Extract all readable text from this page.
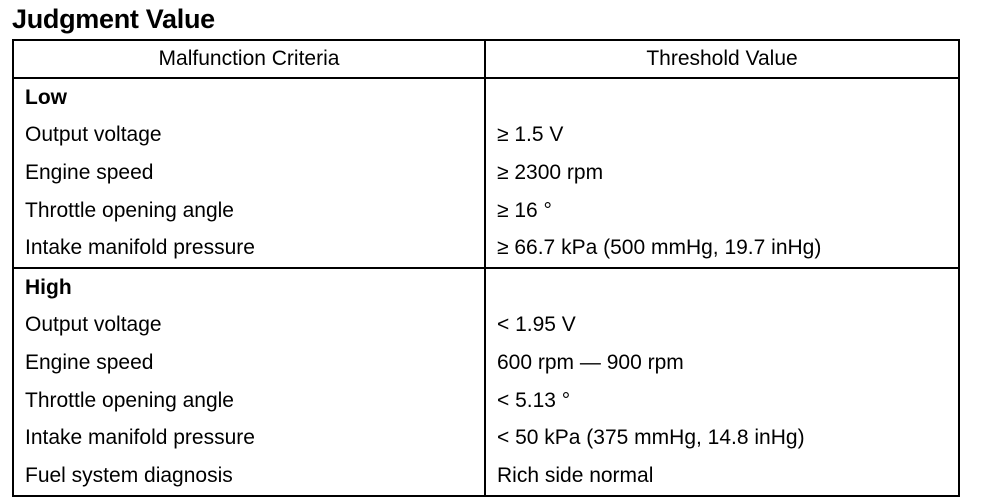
Judgment Value
Malfunction Criteria	Threshold Value
Low	
Output voltage	≥ 1.5 V
Engine speed	≥ 2300 rpm
Throttle opening angle	≥ 16 °
Intake manifold pressure	≥ 66.7 kPa (500 mmHg, 19.7 inHg)
High	
Output voltage	< 1.95 V
Engine speed	600 rpm — 900 rpm
Throttle opening angle	< 5.13 °
Intake manifold pressure	< 50 kPa (375 mmHg, 14.8 inHg)
Fuel system diagnosis	Rich side normal
